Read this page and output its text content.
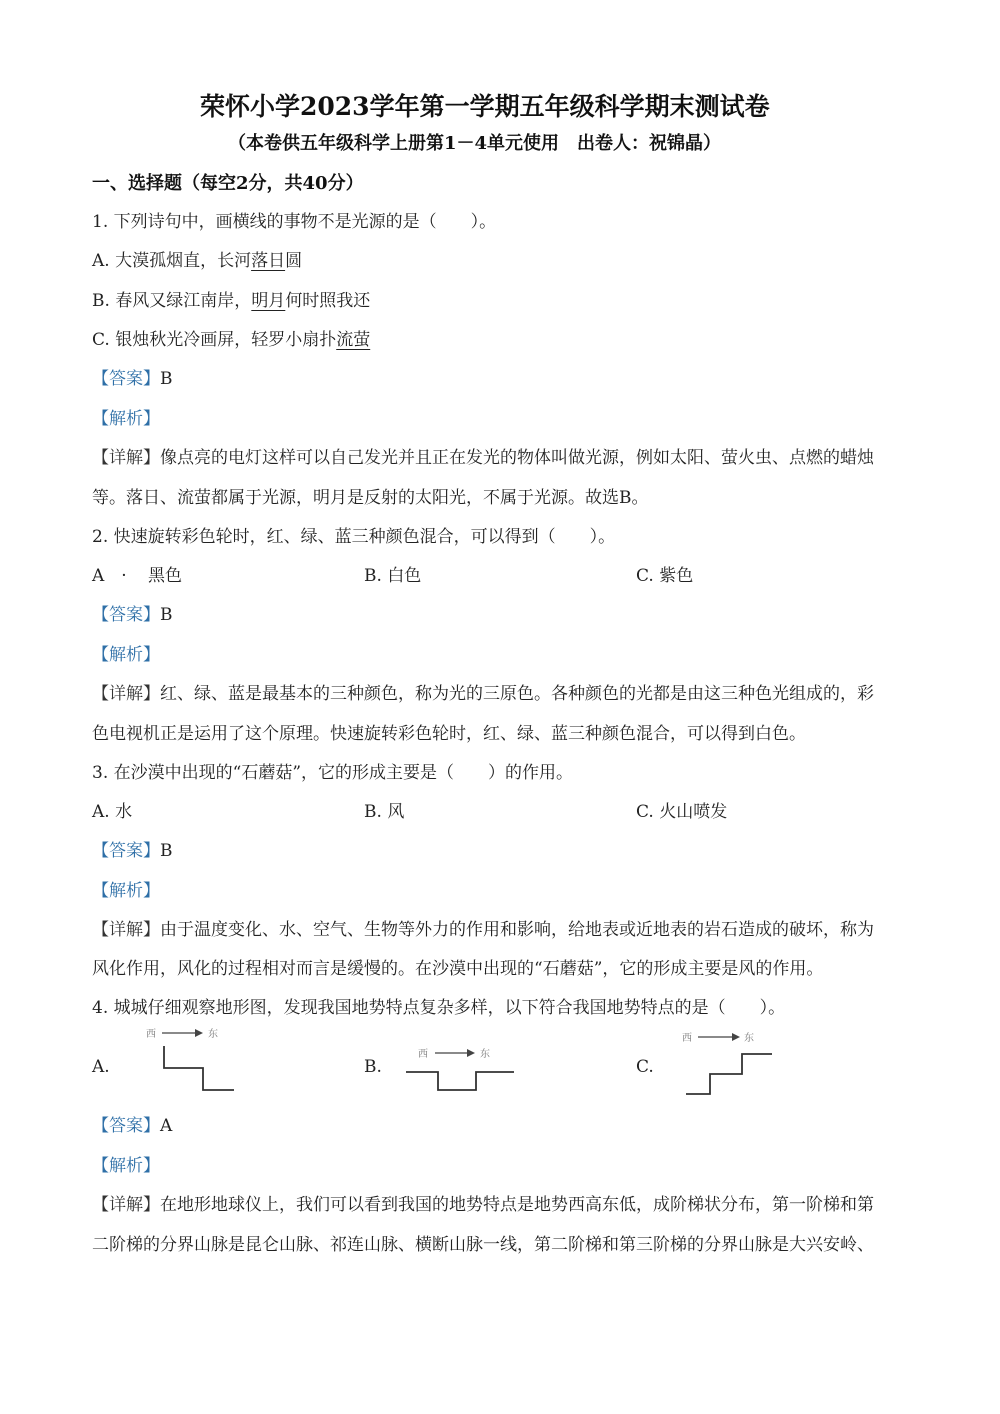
荣怀小学2023学年第一学期五年级科学期末测试卷
（本卷供五年级科学上册第1－4单元使用　出卷人：祝锦晶）
一、选择题（每空2分，共40分）
1. 下列诗句中，画横线的事物不是光源的是（　　）。
A. 大漠孤烟直，长河落日圆
B. 春风又绿江南岸，明月何时照我还
C. 银烛秋光冷画屏，轻罗小扇扑流萤
【答案】B
【解析】
【详解】像点亮的电灯这样可以自己发光并且正在发光的物体叫做光源，例如太阳、萤火虫、点燃的蜡烛
等。落日、流萤都属于光源，明月是反射的太阳光，不属于光源。故选B。
2. 快速旋转彩色轮时，红、绿、蓝三种颜色混合，可以得到（　　）。
A　· 黑色	B. 白色	C. 紫色
【答案】B
【解析】
【详解】红、绿、蓝是最基本的三种颜色，称为光的三原色。各种颜色的光都是由这三种色光组成的，彩
色电视机正是运用了这个原理。快速旋转彩色轮时，红、绿、蓝三种颜色混合，可以得到白色。
3. 在沙漠中出现的“石蘑菇”，它的形成主要是（　　）的作用。
A. 水	B. 风	C. 火山喷发
【答案】B
【解析】
【详解】由于温度变化、水、空气、生物等外力的作用和影响，给地表或近地表的岩石造成的破坏，称为
风化作用，风化的过程相对而言是缓慢的。在沙漠中出现的“石蘑菇”，它的形成主要是风的作用。
4. 城城仔细观察地形图，发现我国地势特点复杂多样，以下符合我国地势特点的是（　　）。
A.
西	东
B.
西	东
C.
西	东
【答案】A
【解析】
【详解】在地形地球仪上，我们可以看到我国的地势特点是地势西高东低，成阶梯状分布，第一阶梯和第
二阶梯的分界山脉是昆仑山脉、祁连山脉、横断山脉一线，第二阶梯和第三阶梯的分界山脉是大兴安岭、
